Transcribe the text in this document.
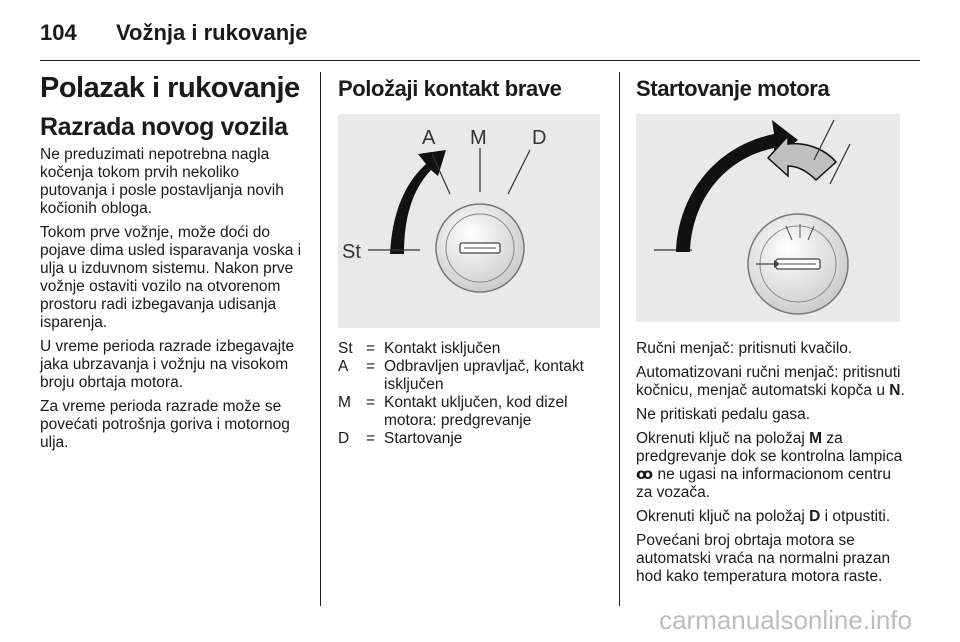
104	Vožnja i rukovanje
Polazak i rukovanje
Razrada novog vozila

Ne preduzimati nepotrebna nagla kočenja tokom prvih nekoliko putovanja i posle postavljanja novih kočionih obloga.

Tokom prve vožnje, može doći do pojave dima usled isparavanja voska i ulja u izduvnom sistemu. Nakon prve vožnje ostaviti vozilo na otvorenom prostoru radi izbegavanja udisanja isparenja.

U vreme perioda razrade izbegavajte jaka ubrzavanja i vožnju na visokom broju obrtaja motora.

Za vreme perioda razrade može se povećati potrošnja goriva i motornog ulja.

Položaji kontakt brave
A M D
St
St = Kontakt isključen
A	= Odbravljen upravljač, kontakt isključen
M = Kontakt uključen, kod dizel motora: predgrevanje
D	= Startovanje
Startovanje motora

Ručni menjač: pritisnuti kvačilo.

Automatizovani ručni menjač: pritisnuti kočnicu, menjač automatski kopča u N.

Ne pritiskati pedalu gasa.

Okrenuti ključ na položaj M za predgrevanje dok se kontrolna lampica ꝏ ne ugasi na informacionom centru za vozača.

Okrenuti ključ na položaj D i otpustiti.

Povećani broj obrtaja motora se automatski vraća na normalni prazan hod kako temperatura motora raste.

carmanualsonline.info
